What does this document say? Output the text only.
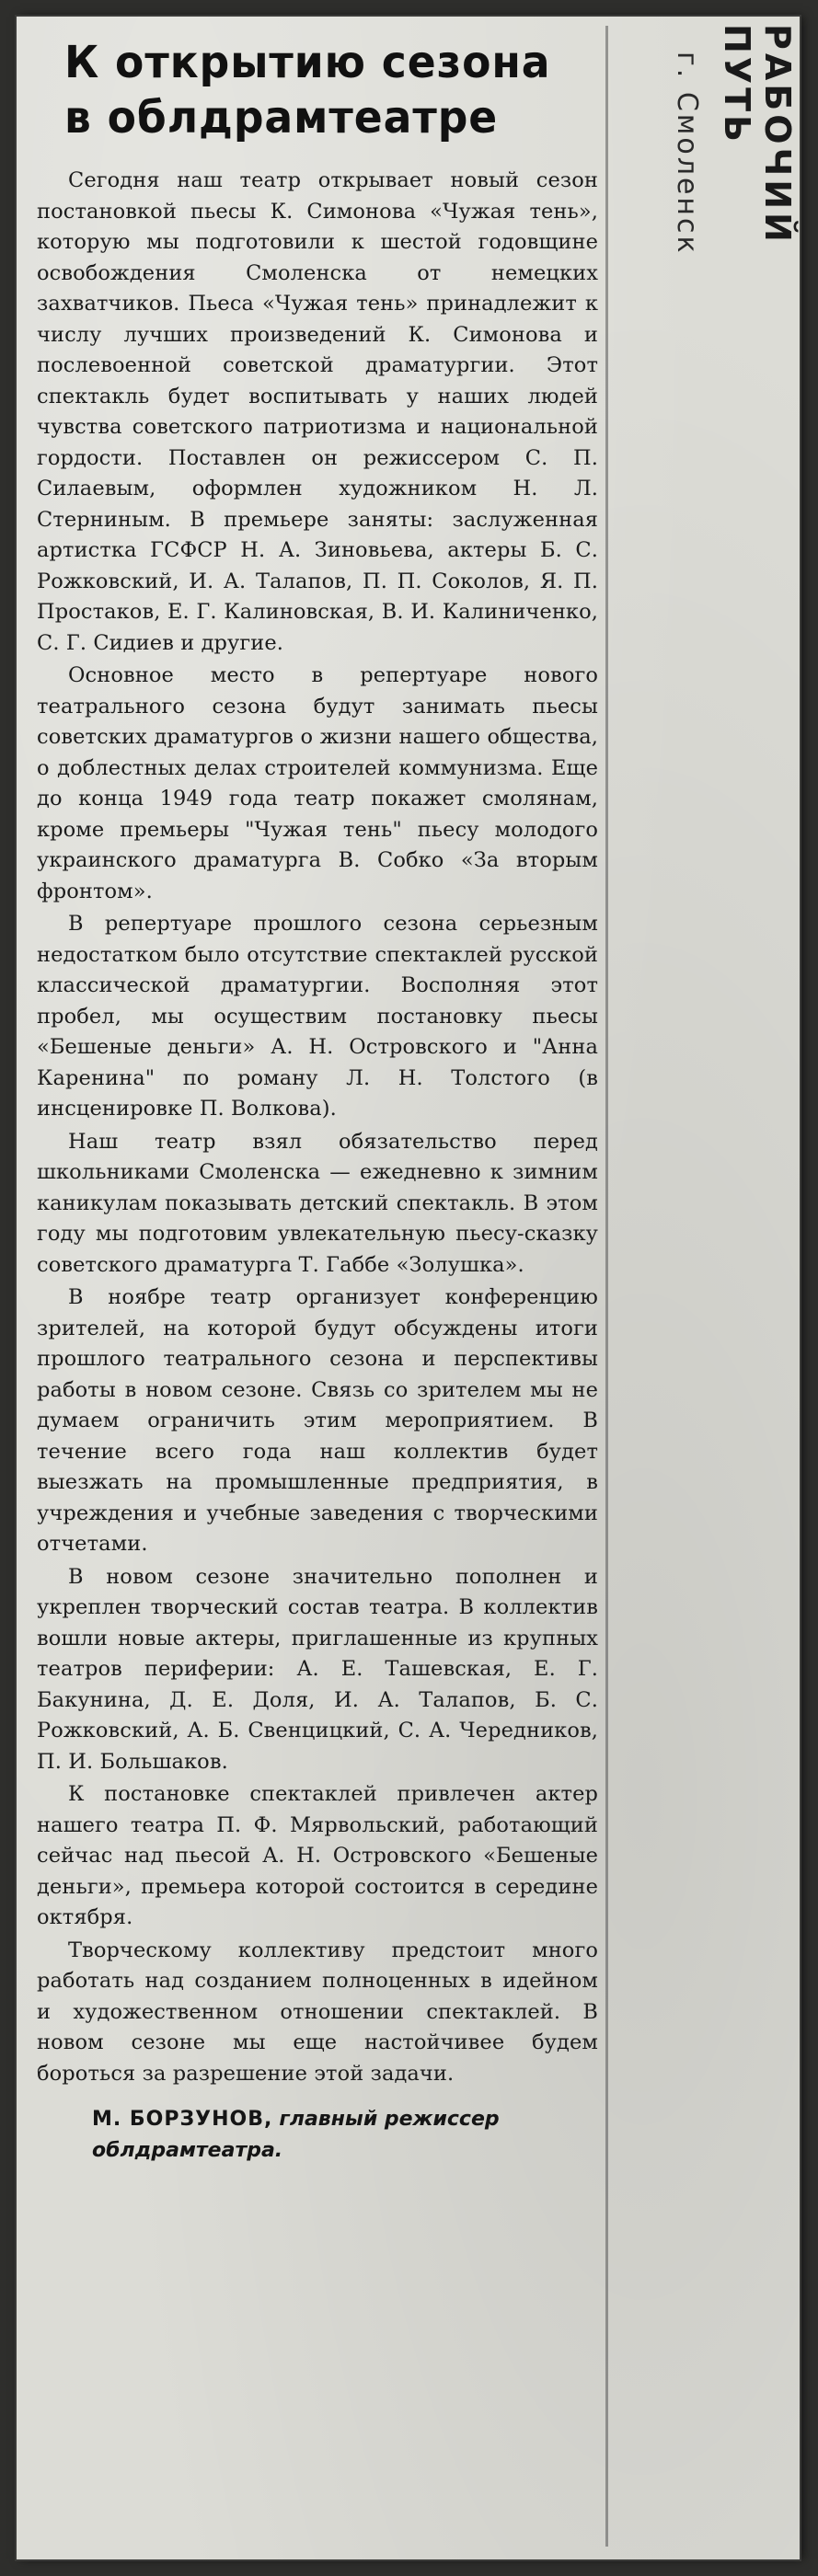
РАБОЧИЙ ПУТЬ
г. Смоленск
К открытию сезона в облдрамтеатре

Сегодня наш театр открывает новый сезон постановкой пьесы К. Симонова «Чужая тень», которую мы подготовили к шестой годовщине освобождения Смоленска от немецких захватчиков. Пьеса «Чужая тень» принадлежит к числу лучших произведений К. Симонова и послевоенной советской драматургии. Этот спектакль будет воспитывать у наших людей чувства советского патриотизма и национальной гордости. Поставлен он режиссером С. П. Силаевым, оформлен художником Н. Л. Стерниным. В премьере заняты: заслуженная артистка ГСФСР Н. А. Зиновьева, актеры Б. С. Рожковский, И. А. Талапов, П. П. Соколов, Я. П. Простаков, Е. Г. Калиновская, В. И. Калиниченко, С. Г. Сидиев и другие.

Основное место в репертуаре нового театрального сезона будут занимать пьесы советских драматургов о жизни нашего общества, о доблестных делах строителей коммунизма. Еще до конца 1949 года театр покажет смолянам, кроме премьеры "Чужая тень" пьесу молодого украинского драматурга В. Собко «За вторым фронтом».

В репертуаре прошлого сезона серьезным недостатком было отсутствие спектаклей русской классической драматургии. Восполняя этот пробел, мы осуществим постановку пьесы «Бешеные деньги» А. Н. Островского и "Анна Каренина" по роману Л. Н. Толстого (в инсценировке П. Волкова).

Наш театр взял обязательство перед школьниками Смоленска — ежедневно к зимним каникулам показывать детский спектакль. В этом году мы подготовим увлекательную пьесу-сказку советского драматурга Т. Габбе «Золушка».

В ноябре театр организует конференцию зрителей, на которой будут обсуждены итоги прошлого театрального сезона и перспективы работы в новом сезоне. Связь со зрителем мы не думаем ограничить этим мероприятием. В течение всего года наш коллектив будет выезжать на промышленные предприятия, в учреждения и учебные заведения с творческими отчетами.

В новом сезоне значительно пополнен и укреплен творческий состав театра. В коллектив вошли новые актеры, приглашенные из крупных театров периферии: А. Е. Ташевская, Е. Г. Бакунина, Д. Е. Доля, И. А. Талапов, Б. С. Рожковский, А. Б. Свенцицкий, С. А. Чередников, П. И. Большаков.

К постановке спектаклей привлечен актер нашего театра П. Ф. Мярвольский, работающий сейчас над пьесой А. Н. Островского «Бешеные деньги», премьера которой состоится в середине октября.

Творческому коллективу предстоит много работать над созданием полноценных в идейном и художественном отношении спектаклей. В новом сезоне мы еще настойчивее будем бороться за разрешение этой задачи.

М. БОРЗУНОВ, главный режиссер облдрамтеатра.
